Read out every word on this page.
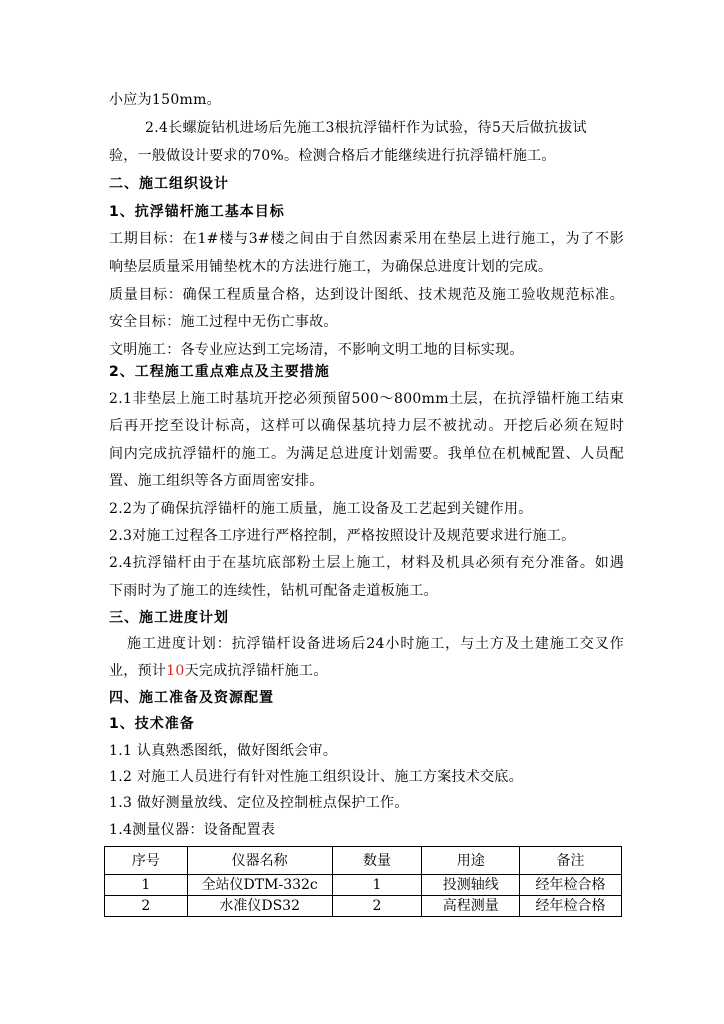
小应为150mm。
2.4长螺旋钻机进场后先施工3根抗浮锚杆作为试验，待5天后做抗拔试
验，一般做设计要求的70%。检测合格后才能继续进行抗浮锚杆施工。
二、施工组织设计
1、抗浮锚杆施工基本目标
工期目标：在1#楼与3#楼之间由于自然因素采用在垫层上进行施工，为了不影
响垫层质量采用铺垫枕木的方法进行施工，为确保总进度计划的完成。
质量目标：确保工程质量合格，达到设计图纸、技术规范及施工验收规范标准。
安全目标：施工过程中无伤亡事故。
文明施工：各专业应达到工完场清，不影响文明工地的目标实现。
2、工程施工重点难点及主要措施
2.1非垫层上施工时基坑开挖必须预留500～800mm土层，在抗浮锚杆施工结束
后再开挖至设计标高，这样可以确保基坑持力层不被扰动。开挖后必须在短时
间内完成抗浮锚杆的施工。为满足总进度计划需要。我单位在机械配置、人员配
置、施工组织等各方面周密安排。
2.2为了确保抗浮锚杆的施工质量，施工设备及工艺起到关键作用。
2.3对施工过程各工序进行严格控制，严格按照设计及规范要求进行施工。
2.4抗浮锚杆由于在基坑底部粉土层上施工，材料及机具必须有充分准备。如遇
下雨时为了施工的连续性，钻机可配备走道板施工。
三、施工进度计划
施工进度计划：抗浮锚杆设备进场后24小时施工，与土方及土建施工交叉作
业，预计10天完成抗浮锚杆施工。
四、施工准备及资源配置
1、技术准备
1.1 认真熟悉图纸，做好图纸会审。
1.2 对施工人员进行有针对性施工组织设计、施工方案技术交底。
1.3 做好测量放线、定位及控制桩点保护工作。
1.4测量仪器：设备配置表
序号	仪器名称	数量	用途	备注
1	全站仪DTM-332c	1	投测轴线	经年检合格
2	水准仪DS32	2	高程测量	经年检合格
